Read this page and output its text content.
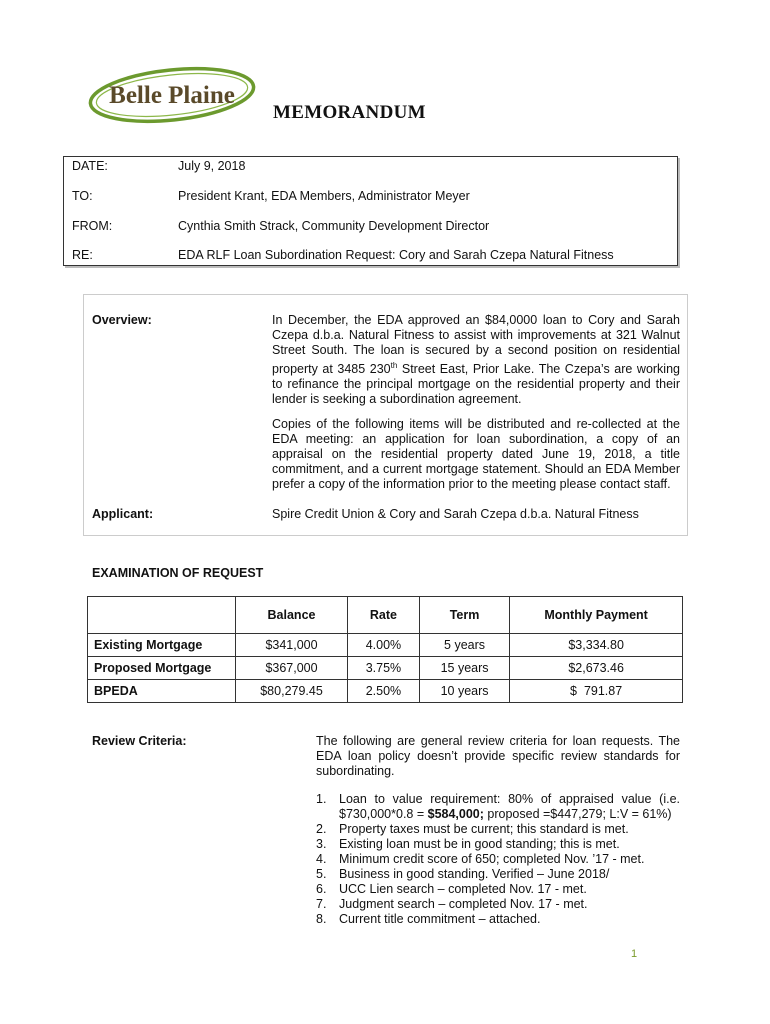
Belle Plaine
MEMORANDUM
DATE:	July 9, 2018
TO:	President Krant, EDA Members, Administrator Meyer
FROM:	Cynthia Smith Strack, Community Development Director
RE:	EDA RLF Loan Subordination Request: Cory and Sarah Czepa Natural Fitness
Overview:	In December, the EDA approved an $84,0000 loan to Cory and Sarah Czepa d.b.a. Natural Fitness to assist with improvements at 321 Walnut Street South. The loan is secured by a second position on residential property at 3485 230th Street East, Prior Lake. The Czepa’s are working to refinance the principal mortgage on the residential property and their lender is seeking a subordination agreement.
Copies of the following items will be distributed and re-collected at the EDA meeting: an application for loan subordination, a copy of an appraisal on the residential property dated June 19, 2018, a title commitment, and a current mortgage statement. Should an EDA Member prefer a copy of the information prior to the meeting please contact staff.
Applicant:	Spire Credit Union & Cory and Sarah Czepa d.b.a. Natural Fitness
EXAMINATION OF REQUEST
	Balance	Rate	Term	Monthly Payment
Existing Mortgage	$341,000	4.00%	5 years	$3,334.80
Proposed Mortgage	$367,000	3.75%	15 years	$2,673.46
BPEDA	$80,279.45	2.50%	10 years	$  791.87
Review Criteria:	The following are general review criteria for loan requests. The EDA loan policy doesn’t provide specific review standards for subordinating.
1. Loan to value requirement: 80% of appraised value (i.e. $730,000*0.8 = $584,000; proposed =$447,279; L:V = 61%)
2. Property taxes must be current; this standard is met.
3. Existing loan must be in good standing; this is met.
4. Minimum credit score of 650; completed Nov. ’17 - met.
5. Business in good standing. Verified – June 2018/
6. UCC Lien search – completed Nov. 17 - met.
7. Judgment search – completed Nov. 17 - met.
8. Current title commitment – attached.
1
